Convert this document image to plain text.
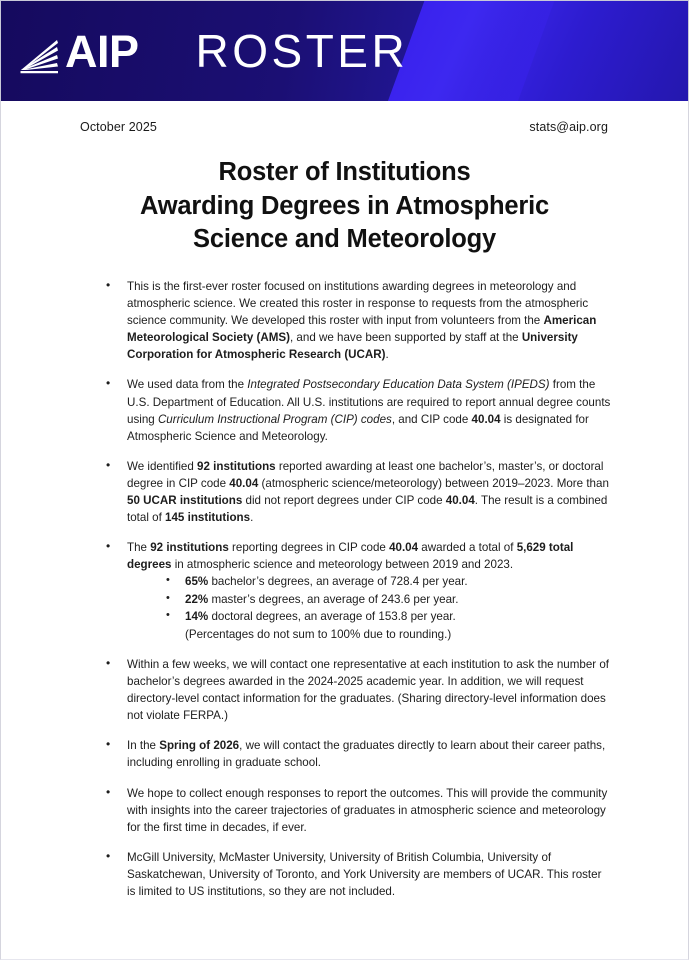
AIP ROSTER
October 2025	stats@aip.org
Roster of Institutions
Awarding Degrees in Atmospheric
Science and Meteorology
• This is the first-ever roster focused on institutions awarding degrees in meteorology and atmospheric science. We created this roster in response to requests from the atmospheric science community. We developed this roster with input from volunteers from the American Meteorological Society (AMS), and we have been supported by staff at the University Corporation for Atmospheric Research (UCAR).
• We used data from the Integrated Postsecondary Education Data System (IPEDS) from the U.S. Department of Education. All U.S. institutions are required to report annual degree counts using Curriculum Instructional Program (CIP) codes, and CIP code 40.04 is designated for Atmospheric Science and Meteorology.
• We identified 92 institutions reported awarding at least one bachelor’s, master’s, or doctoral degree in CIP code 40.04 (atmospheric science/meteorology) between 2019–2023. More than 50 UCAR institutions did not report degrees under CIP code 40.04. The result is a combined total of 145 institutions.
• The 92 institutions reporting degrees in CIP code 40.04 awarded a total of 5,629 total degrees in atmospheric science and meteorology between 2019 and 2023.
• 65% bachelor’s degrees, an average of 728.4 per year.
• 22% master’s degrees, an average of 243.6 per year.
• 14% doctoral degrees, an average of 153.8 per year.
(Percentages do not sum to 100% due to rounding.)
• Within a few weeks, we will contact one representative at each institution to ask the number of bachelor’s degrees awarded in the 2024-2025 academic year. In addition, we will request directory-level contact information for the graduates. (Sharing directory-level information does not violate FERPA.)
• In the Spring of 2026, we will contact the graduates directly to learn about their career paths, including enrolling in graduate school.
• We hope to collect enough responses to report the outcomes. This will provide the community with insights into the career trajectories of graduates in atmospheric science and meteorology for the first time in decades, if ever.
• McGill University, McMaster University, University of British Columbia, University of Saskatchewan, University of Toronto, and York University are members of UCAR. This roster is limited to US institutions, so they are not included.
